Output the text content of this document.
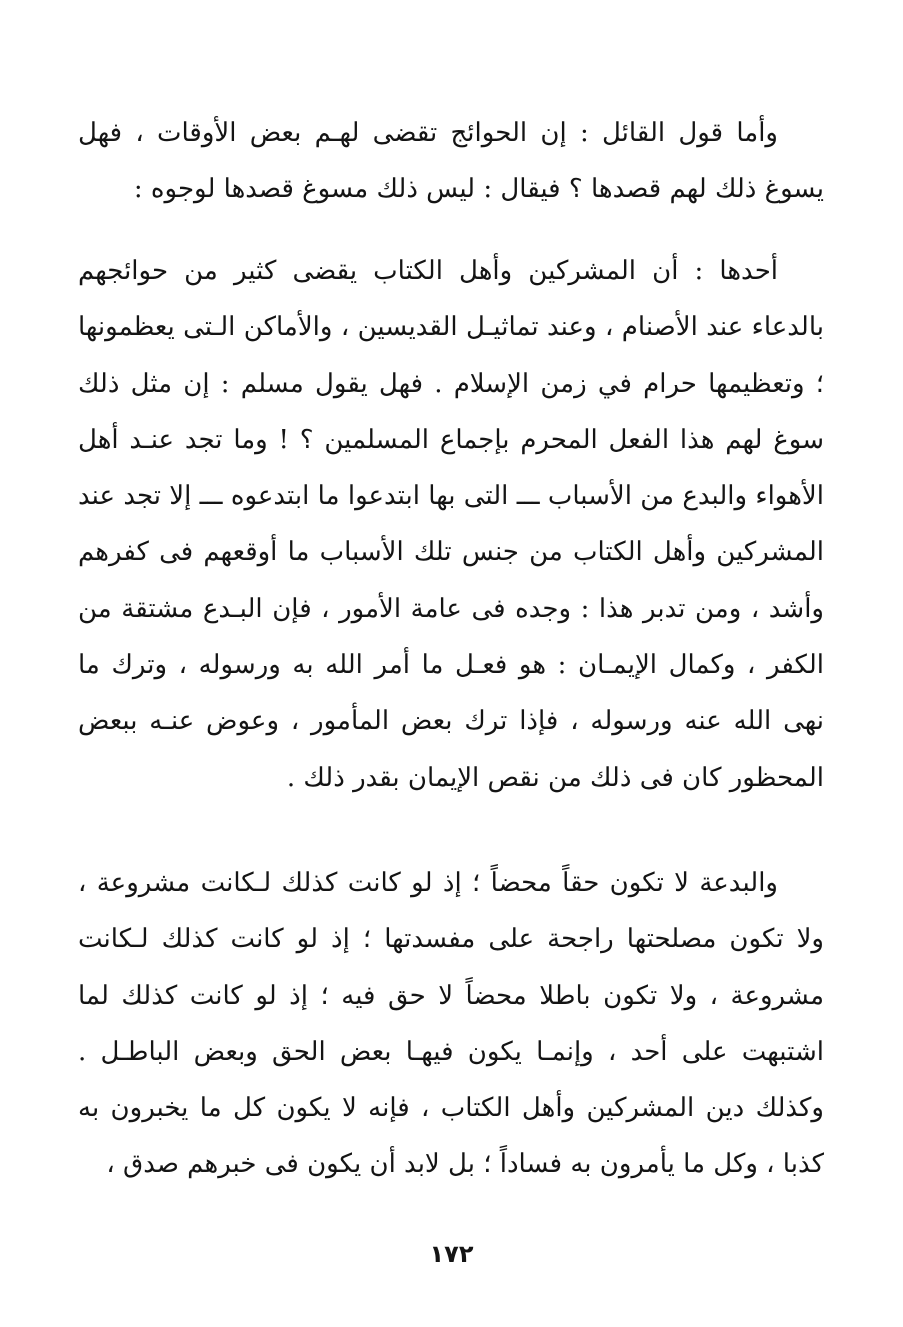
وأما قول القائل : إن الحوائج تقضى لهـم بعض الأوقات ، فهل يسوغ ذلك لهم قصدها ؟ فيقال : ليس ذلك مسوغ قصدها لوجوه :

أحدها : أن المشركين وأهل الكتاب يقضى كثير من حوائجهم بالدعاء عند الأصنام ، وعند تماثيـل القديسين ، والأماكن الـتى يعظمونها ؛ وتعظيمها حرام في زمن الإسلام . فهل يقول مسلم : إن مثل ذلك سوغ لهم هذا الفعل المحرم بإجماع المسلمين ؟ ! وما تجد عنـد أهل الأهواء والبدع من الأسباب ـــ التى بها ابتدعوا ما ابتدعوه ـــ إلا تجد عند المشركين وأهل الكتاب من جنس تلك الأسباب ما أوقعهم فى كفرهم وأشد ، ومن تدبر هذا : وجده فى عامة الأمور ، فإن البـدع مشتقة من الكفر ، وكمال الإيمـان : هو فعـل ما أمر الله به ورسوله ، وترك ما نهى الله عنه ورسوله ، فإذا ترك بعض المأمور ، وعوض عنـه ببعض المحظور كان فى ذلك من نقص الإيمان بقدر ذلك .

والبدعة لا تكون حقاً محضاً ؛ إذ لو كانت كذلك لـكانت مشروعة ، ولا تكون مصلحتها راجحة على مفسدتها ؛ إذ لو كانت كذلك لـكانت مشروعة ، ولا تكون باطلا محضاً لا حق فيه ؛ إذ لو كانت كذلك لما اشتبهت على أحد ، وإنمـا يكون فيهـا بعض الحق وبعض الباطـل . وكذلك دين المشركين وأهل الكتاب ، فإنه لا يكون كل ما يخبرون به كذبا ، وكل ما يأمرون به فساداً ؛ بل لابد أن يكون فى خبرهم صدق ،

١٧٢
